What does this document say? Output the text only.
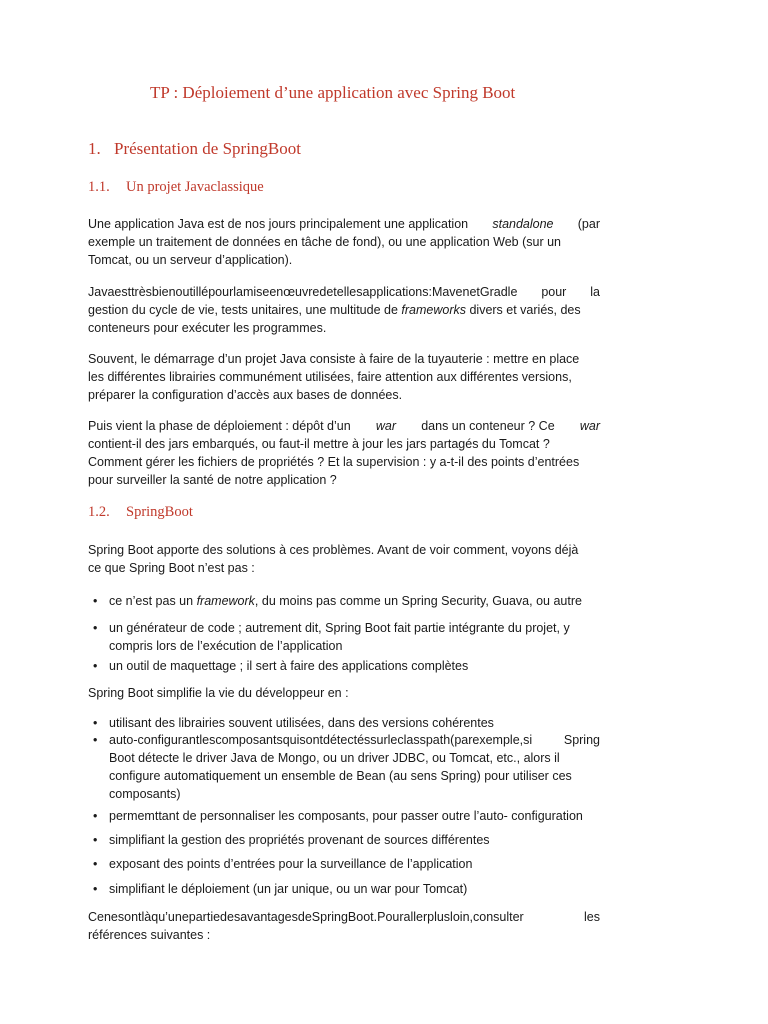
TP : Déploiement d’une application avec Spring Boot
1. Présentation de SpringBoot
1.1. Un projet Javaclassique
Une application Java est de nos jours principalement une application standalone (par
exemple un traitement de données en tâche de fond), ou une application Web (sur un
Tomcat, ou un serveur d’application).
Javaesttrèsbienoutillépourlamiseenœuvredetellesapplications:MavenetGradle pour la
gestion du cycle de vie, tests unitaires, une multitude de frameworks divers et variés, des
conteneurs pour exécuter les programmes.
Souvent, le démarrage d’un projet Java consiste à faire de la tuyauterie : mettre en place
les différentes librairies communément utilisées, faire attention aux différentes versions,
préparer la configuration d’accès aux bases de données.
Puis vient la phase de déploiement : dépôt d’un war dans un conteneur ? Ce war
contient-il des jars embarqués, ou faut-il mettre à jour les jars partagés du Tomcat ?
Comment gérer les fichiers de propriétés ? Et la supervision : y a-t-il des points d’entrées
pour surveiller la santé de notre application ?
1.2. SpringBoot
Spring Boot apporte des solutions à ces problèmes. Avant de voir comment, voyons déjà
ce que Spring Boot n’est pas :
• ce n’est pas un framework, du moins pas comme un Spring Security, Guava, ou autre
• un générateur de code ; autrement dit, Spring Boot fait partie intégrante du projet, y
compris lors de l’exécution de l’application
• un outil de maquettage ; il sert à faire des applications complètes
Spring Boot simplifie la vie du développeur en :
• utilisant des librairies souvent utilisées, dans des versions cohérentes
• auto-configurantlescomposantsquisontdétectéssurleclasspath(parexemple,si	Spring
Boot détecte le driver Java de Mongo, ou un driver JDBC, ou Tomcat, etc., alors il
configure automatiquement un ensemble de Bean (au sens Spring) pour utiliser ces
composants)
• permemttant de personnaliser les composants, pour passer outre l’auto- configuration
• simplifiant la gestion des propriétés provenant de sources différentes
• exposant des points d’entrées pour la surveillance de l’application
• simplifiant le déploiement (un jar unique, ou un war pour Tomcat)
Cenesontlàqu’unepartiedesavantagesdeSpringBoot.Pourallerplusloin,consulter	les
références suivantes :
